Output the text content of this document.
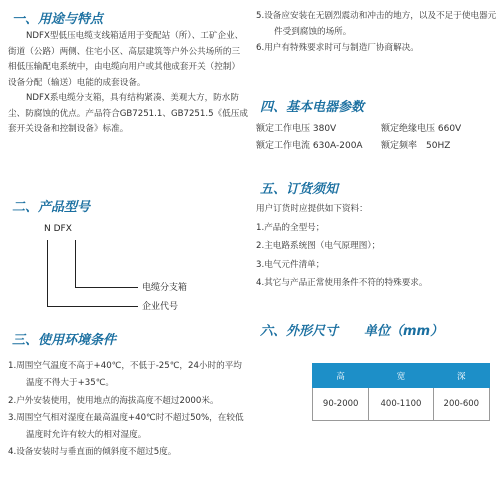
一、用途与特点
NDFX型低压电缆支线箱适用于变配站（所）、工矿企业、
街道（公路）两侧、住宅小区、高层建筑等户外公共场所的三
相低压输配电系统中，由电缆向用户或其他成套开关（控制）
设备分配（输送）电能的成套设备。
NDFX系电缆分支箱，具有结构紧凑、美观大方，防水防
尘、防腐蚀的优点。产品符合GB7251.1、GB7251.5《低压成
套开关设备和控制设备》标准。
二、产品型号
N DFX
电缆分支箱
企业代号
三、使用环境条件
1.周围空气温度不高于+40℃，不低于-25℃，24小时的平均
温度不得大于+35℃。
2.户外安装使用，使用地点的海拔高度不超过2000米。
3.周围空气相对湿度在最高温度+40℃时不超过50%，在较低
温度时允许有较大的相对湿度。
4.设备安装时与垂直面的倾斜度不超过5度。
5.设备应安装在无剧烈震动和冲击的地方，以及不足于使电器元
件受到腐蚀的场所。
6.用户有特殊要求时可与制造厂协商解决。
四、基本电器参数
额定工作电压 380V	额定绝缘电压 660V
额定工作电流 630A-200A 额定频率　50HZ
五、订货须知
用户订货时应提供如下资料：
1.产品的全型号；
2.主电路系统图（电气原理图）；
3.电气元件清单；
4.其它与产品正常使用条件不符的特殊要求。
六、外形尺寸　　单位（mm）
高	宽	深
90-2000	400-1100	200-600
